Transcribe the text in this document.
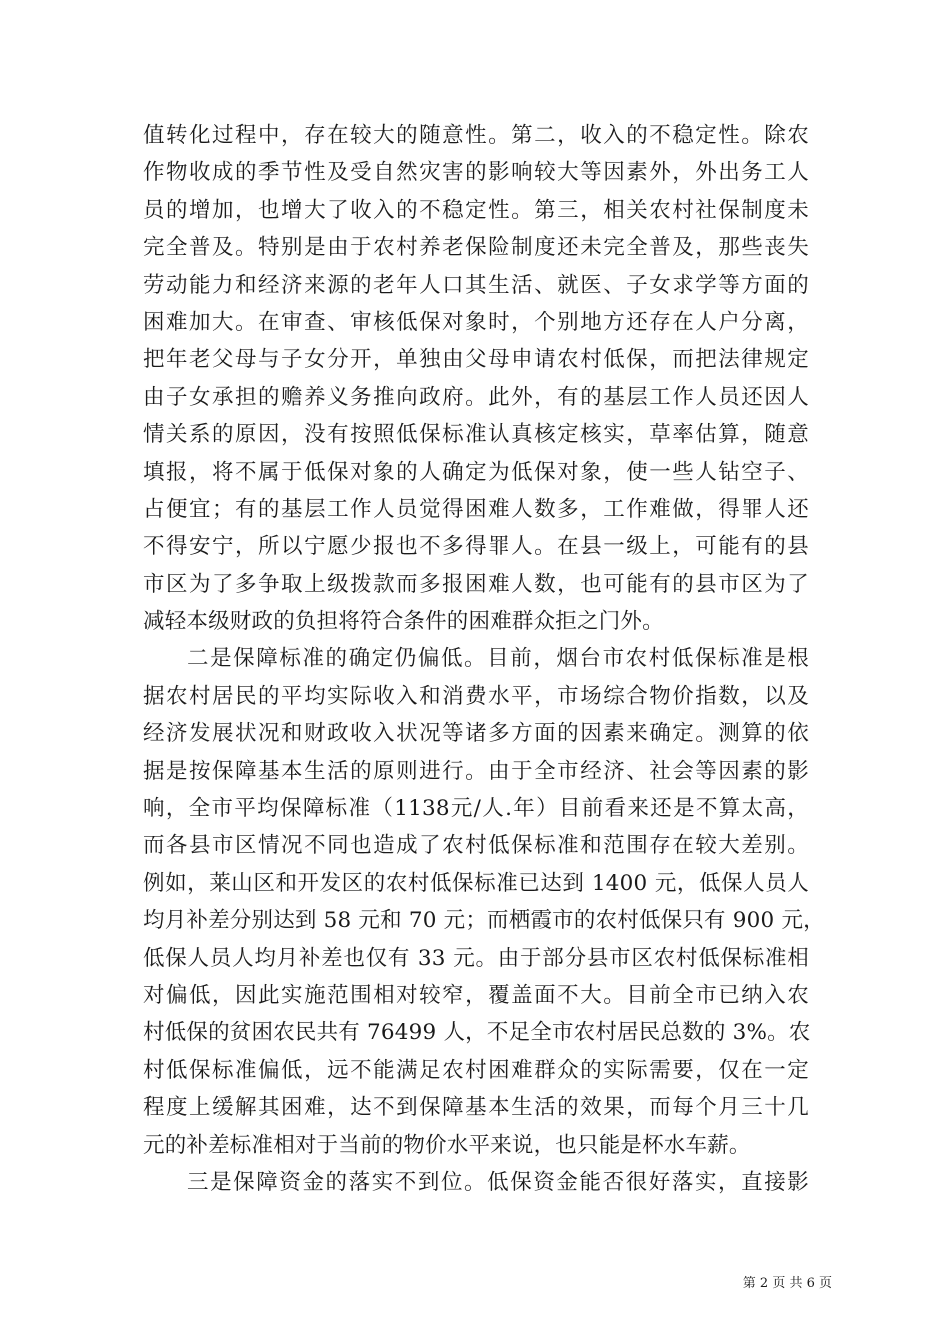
值转化过程中，存在较大的随意性。第二，收入的不稳定性。除农
作物收成的季节性及受自然灾害的影响较大等因素外，外出务工人
员的增加，也增大了收入的不稳定性。第三，相关农村社保制度未
完全普及。特别是由于农村养老保险制度还未完全普及，那些丧失
劳动能力和经济来源的老年人口其生活、就医、子女求学等方面的
困难加大。在审查、审核低保对象时，个别地方还存在人户分离，
把年老父母与子女分开，单独由父母申请农村低保，而把法律规定
由子女承担的赡养义务推向政府。此外，有的基层工作人员还因人
情关系的原因，没有按照低保标准认真核定核实，草率估算，随意
填报，将不属于低保对象的人确定为低保对象，使一些人钻空子、
占便宜；有的基层工作人员觉得困难人数多，工作难做，得罪人还
不得安宁，所以宁愿少报也不多得罪人。在县一级上，可能有的县
市区为了多争取上级拨款而多报困难人数，也可能有的县市区为了
减轻本级财政的负担将符合条件的困难群众拒之门外。
二是保障标准的确定仍偏低。目前，烟台市农村低保标准是根
据农村居民的平均实际收入和消费水平，市场综合物价指数，以及
经济发展状况和财政收入状况等诸多方面的因素来确定。测算的依
据是按保障基本生活的原则进行。由于全市经济、社会等因素的影
响，全市平均保障标准（1138元/人.年）目前看来还是不算太高，
而各县市区情况不同也造成了农村低保标准和范围存在较大差别。
例如，莱山区和开发区的农村低保标准已达到 1400 元，低保人员人
均月补差分别达到 58 元和 70 元；而栖霞市的农村低保只有 900 元，
低保人员人均月补差也仅有 33 元。由于部分县市区农村低保标准相
对偏低，因此实施范围相对较窄，覆盖面不大。目前全市已纳入农
村低保的贫困农民共有 76499 人，不足全市农村居民总数的 3%。农
村低保标准偏低，远不能满足农村困难群众的实际需要，仅在一定
程度上缓解其困难，达不到保障基本生活的效果，而每个月三十几
元的补差标准相对于当前的物价水平来说，也只能是杯水车薪。
三是保障资金的落实不到位。低保资金能否很好落实，直接影
第 2 页 共 6 页
